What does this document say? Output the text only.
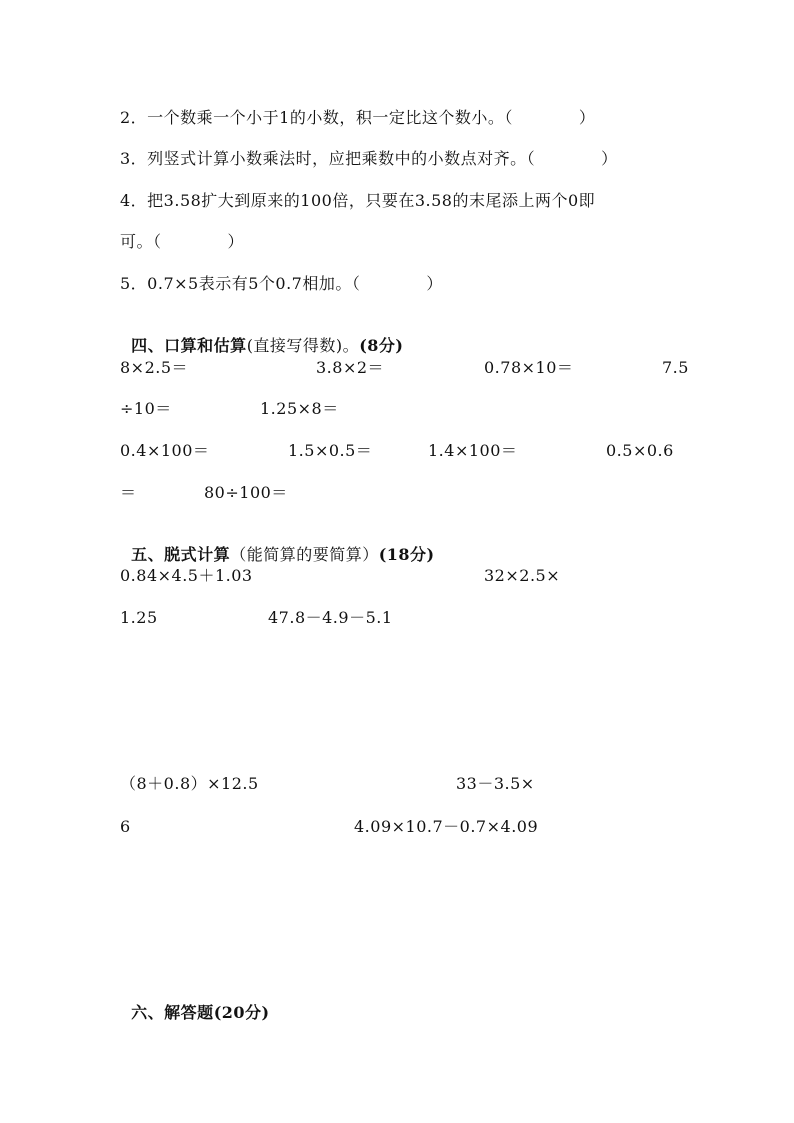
2．一个数乘一个小于1的小数，积一定比这个数小。（　　　　）
3．列竖式计算小数乘法时，应把乘数中的小数点对齐。（　　　　）
4．把3.58扩大到原来的100倍，只要在3.58的末尾添上两个0即
可。（　　　　）
5．0.7×5表示有5个0.7相加。（　　　　）

四、口算和估算(直接写得数)。(8分)

8×2.5＝	3.8×2＝	0.78×10＝	7.5
÷10＝	1.25×8＝
0.4×100＝	1.5×0.5＝	1.4×100＝	0.5×0.6
＝	80÷100＝

五、脱式计算（能简算的要简算）(18分)

0.84×4.5＋1.03	32×2.5×
1.25	47.8－4.9－5.1
（8＋0.8）×12.5	33－3.5×
6	4.09×10.7－0.7×4.09

六、解答题(20分)
